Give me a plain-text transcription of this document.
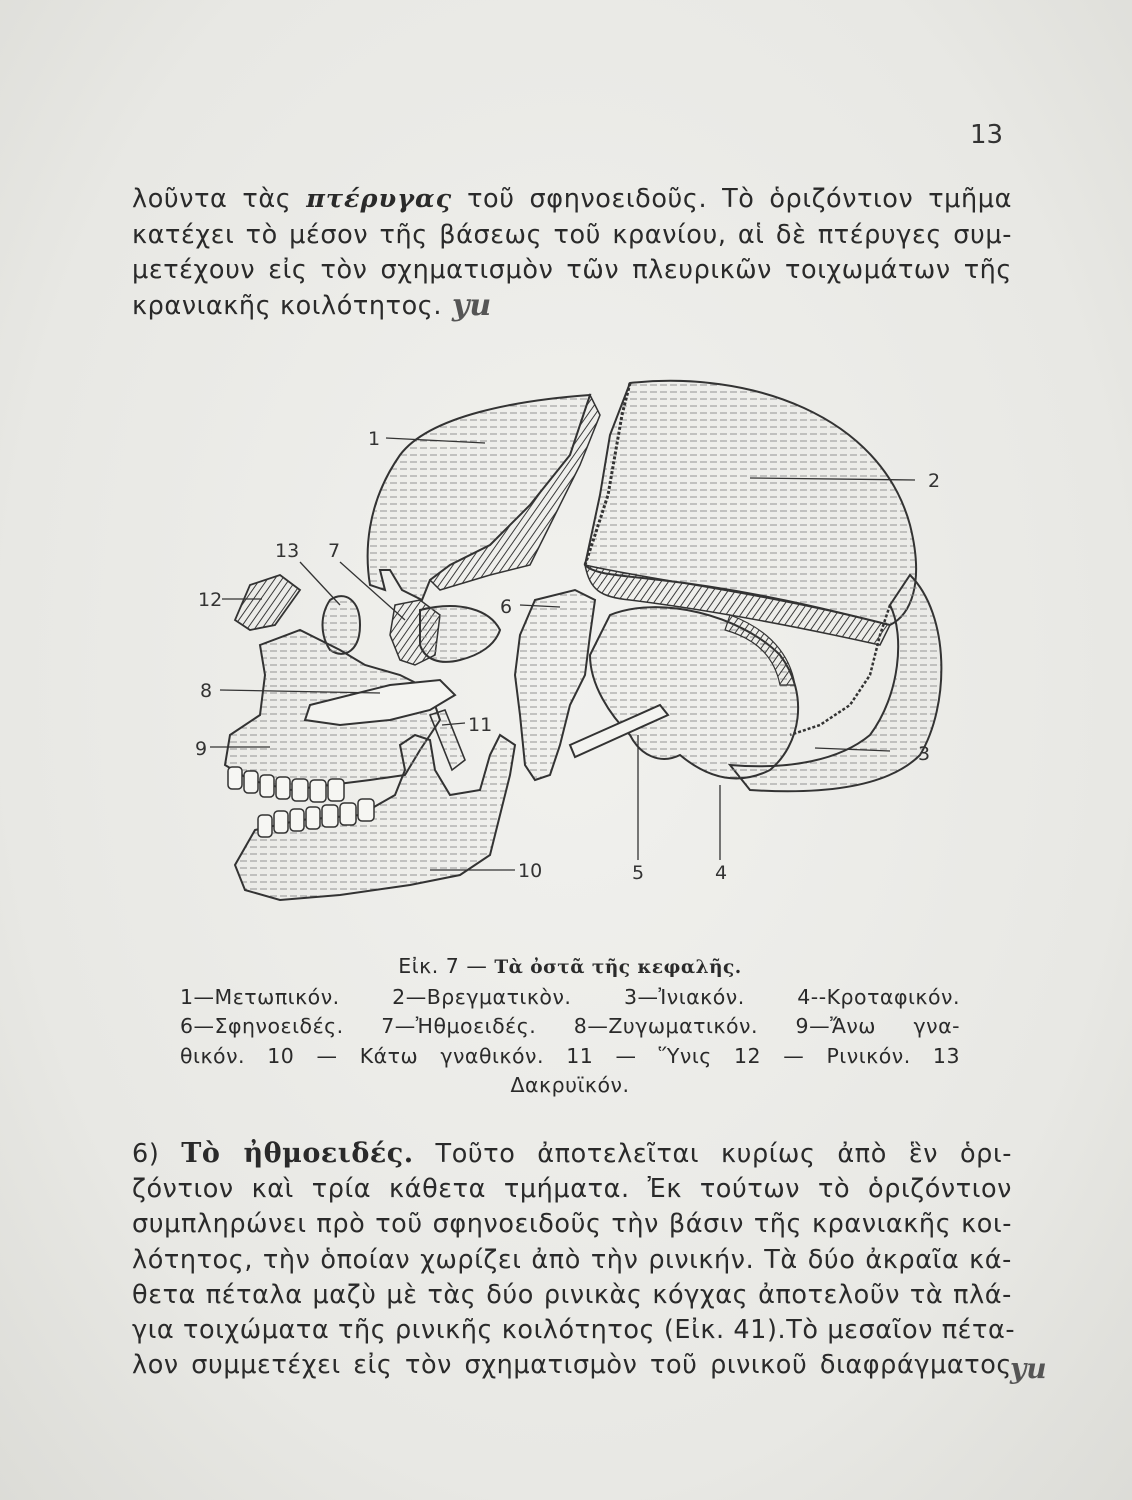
13
λοῦντα τὰς πτέρυγας τοῦ σφηνοειδοῦς. Τὸ ὁριζόντιον τμῆμα
κατέχει τὸ μέσον τῆς βάσεως τοῦ κρανίου, αἱ δὲ πτέρυγες συμ-
μετέχουν εἰς τὸν σχηματισμὸν τῶν πλευρικῶν τοιχωμάτων τῆς
κρανιακῆς κοιλότητος. yu
1
2
3
4
5
6
7
8
9
10
11
12
13
Εἰκ. 7 — Τὰ ὀστᾶ τῆς κεφαλῆς.
1—Μετωπικόν. 2—Βρεγματικὸν. 3—Ἰνιακόν. 4--Κροταφικόν.
6—Σφηνοειδές. 7—Ἠθμοειδές. 8—Ζυγωματικόν. 9—Ἄνω γνα-
θικόν. 10 — Κάτω γναθικόν. 11 — Ὕνις 12 — Ρινικόν. 13
Δακρυϊκόν.
6) Τὸ ἠθμοειδές. Τοῦτο ἀποτελεῖται κυρίως ἀπὸ ἓν ὁρι-
ζόντιον καὶ τρία κάθετα τμήματα. Ἐκ τούτων τὸ ὁριζόντιον
συμπληρώνει πρὸ τοῦ σφηνοειδοῦς τὴν βάσιν τῆς κρανιακῆς κοι-
λότητος, τὴν ὁποίαν χωρίζει ἀπὸ τὴν ρινικήν. Τὰ δύο ἀκραῖα κά-
θετα πέταλα μαζὺ μὲ τὰς δύο ρινικὰς κόγχας ἀποτελοῦν τὰ πλά-
για τοιχώματα τῆς ρινικῆς κοιλότητος (Εἰκ. 41).Τὸ μεσαῖον πέτα-
λον συμμετέχει εἰς τὸν σχηματισμὸν τοῦ ρινικοῦ διαφράγματος
yu
